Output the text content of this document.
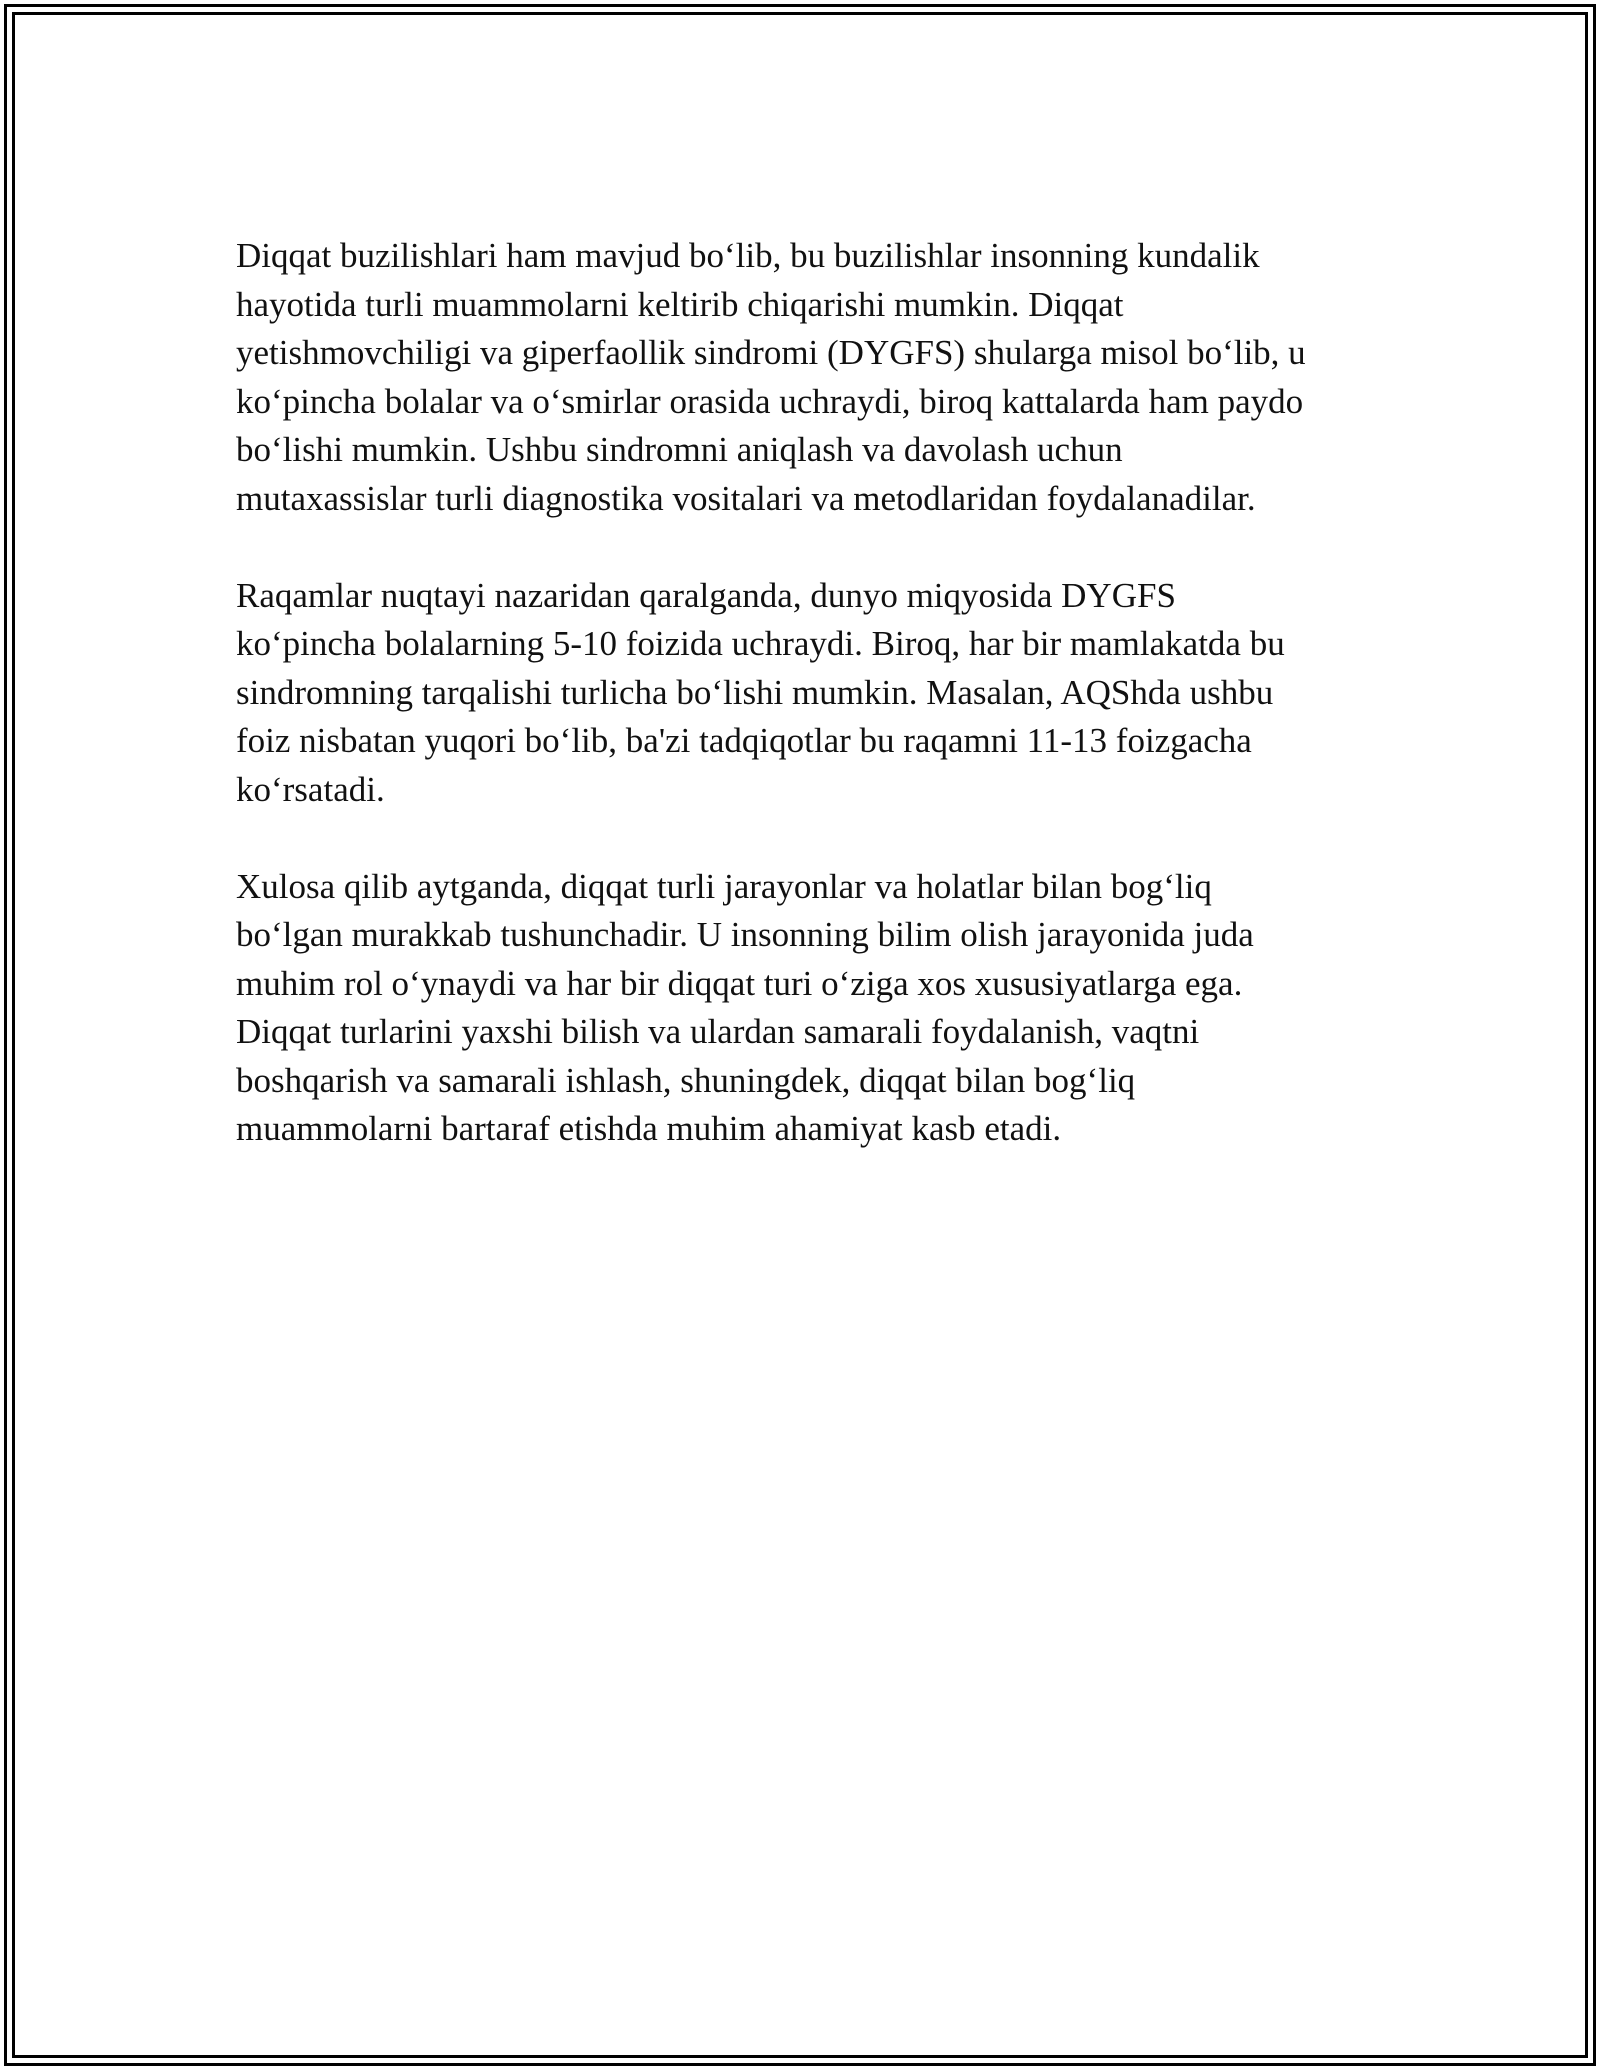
Diqqat buzilishlari ham mavjud bo‘lib, bu buzilishlar insonning kundalik
hayotida turli muammolarni keltirib chiqarishi mumkin. Diqqat
yetishmovchiligi va giperfaollik sindromi (DYGFS) shularga misol bo‘lib, u
ko‘pincha bolalar va o‘smirlar orasida uchraydi, biroq kattalarda ham paydo
bo‘lishi mumkin. Ushbu sindromni aniqlash va davolash uchun
mutaxassislar turli diagnostika vositalari va metodlaridan foydalanadilar.

Raqamlar nuqtayi nazaridan qaralganda, dunyo miqyosida DYGFS
ko‘pincha bolalarning 5-10 foizida uchraydi. Biroq, har bir mamlakatda bu
sindromning tarqalishi turlicha bo‘lishi mumkin. Masalan, AQShda ushbu
foiz nisbatan yuqori bo‘lib, ba'zi tadqiqotlar bu raqamni 11-13 foizgacha
ko‘rsatadi.

Xulosa qilib aytganda, diqqat turli jarayonlar va holatlar bilan bog‘liq
bo‘lgan murakkab tushunchadir. U insonning bilim olish jarayonida juda
muhim rol o‘ynaydi va har bir diqqat turi o‘ziga xos xususiyatlarga ega.
Diqqat turlarini yaxshi bilish va ulardan samarali foydalanish, vaqtni
boshqarish va samarali ishlash, shuningdek, diqqat bilan bog‘liq
muammolarni bartaraf etishda muhim ahamiyat kasb etadi.
